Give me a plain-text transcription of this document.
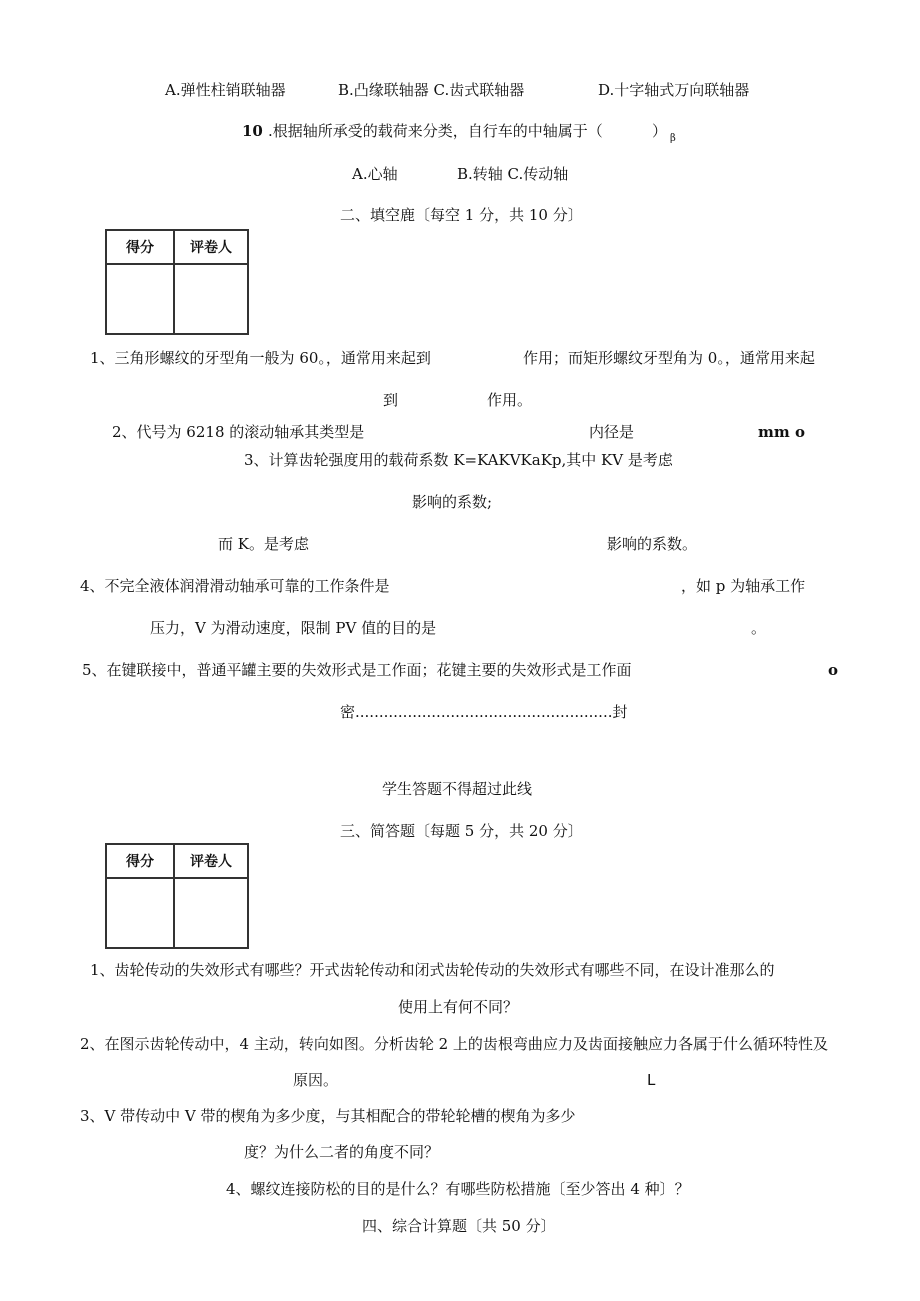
A.弹性柱销联轴器	B.凸缘联轴器 C.齿式联轴器	D.十字轴式万向联轴器
10 .根据轴所承受的载荷来分类，自行车的中轴属于（	） β
A.心轴	B.转轴 C.传动轴
二、填空鹿〔每空 1 分，共 10 分〕
得分	评卷人

1、三角形螺纹的牙型角一般为 60。，通常用来起到	作用；而矩形螺纹牙型角为 0。，通常用来起
到	作用。
2、代号为 6218 的滚动轴承其类型是	内径是	mm o
3、计算齿轮强度用的载荷系数 K=KAKVKaKp,其中 KV 是考虑
影响的系数;
而 K。是考虑	影响的系数。
4、不完全液体润滑滑动轴承可靠的工作条件是	，如 p 为轴承工作
压力，V 为滑动速度，限制 PV 值的目的是	。
5、在键联接中，普通平罐主要的失效形式是工作面；花键主要的失效形式是工作面	o
密......................................................封
学生答题不得超过此线
三、简答题〔每题 5 分，共 20 分〕
得分	评卷人

1、齿轮传动的失效形式有哪些？开式齿轮传动和闭式齿轮传动的失效形式有哪些不同，在设计准那么的
使用上有何不同？
2、在图示齿轮传动中，4 主动，转向如图。分析齿轮 2 上的齿根弯曲应力及齿面接触应力各属于什么循环特性及
原因。	L
3、V 带传动中 V 带的楔角为多少度，与其相配合的带轮轮槽的楔角为多少
度？为什么二者的角度不同？
4、螺纹连接防松的目的是什么？有哪些防松措施〔至少答出 4 种〕？
四、综合计算题〔共 50 分〕
